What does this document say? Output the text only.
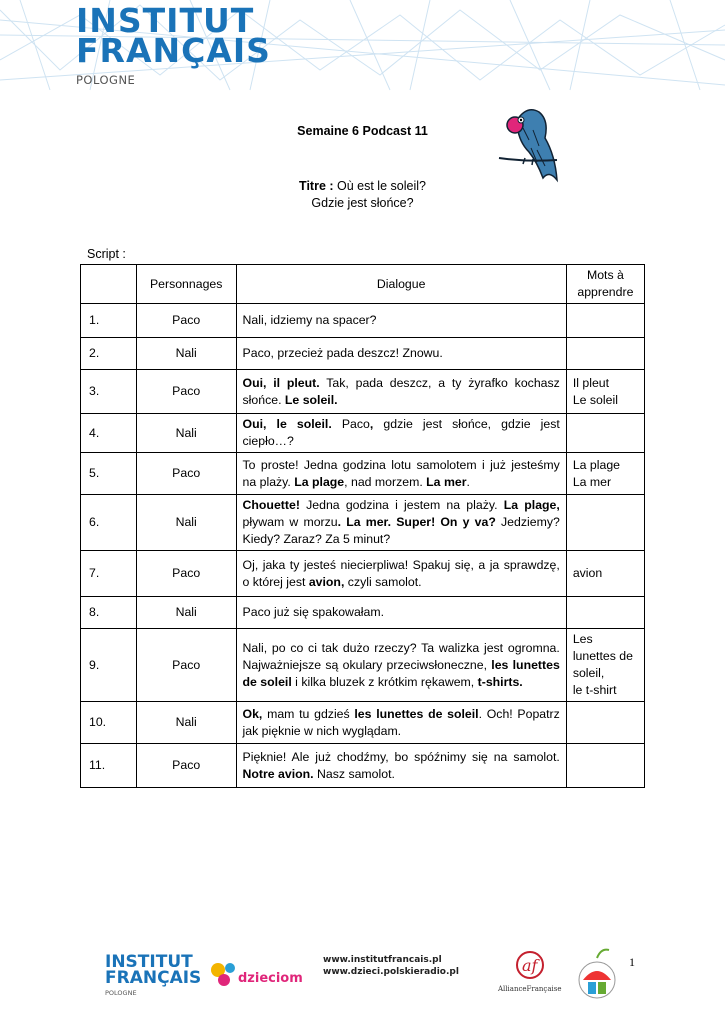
INSTITUT
FRANÇAIS
POLOGNE
Semaine 6 Podcast 11
Titre : Où est le soleil?
Gdzie jest słońce?
Script :
	Personnages	Dialogue	Mots à apprendre
1.	Paco	Nali, idziemy na spacer?	
2.	Nali	Paco, przecież pada deszcz! Znowu.	
3.	Paco	Oui, il pleut. Tak, pada deszcz, a ty żyrafko kochasz słońce. Le soleil.	Il pleut
Le soleil
4.	Nali	Oui, le soleil. Paco, gdzie jest słońce, gdzie jest ciepło…?	
5.	Paco	To proste! Jedna godzina lotu samolotem i już jesteśmy na plaży. La plage, nad morzem. La mer.	La plage
La mer
6.	Nali	Chouette! Jedna godzina i jestem na plaży. La plage, pływam w morzu. La mer. Super! On y va? Jedziemy? Kiedy? Zaraz? Za 5 minut?	
7.	Paco	Oj, jaka ty jesteś niecierpliwa! Spakuj się, a ja sprawdzę, o której jest avion, czyli samolot.	avion
8.	Nali	Paco już się spakowałam.	
9.	Paco	Nali, po co ci tak dużo rzeczy? Ta walizka jest ogromna. Najważniejsze są okulary przeciwsłoneczne, les lunettes de soleil i kilka bluzek z krótkim rękawem, t-shirts.	Les lunettes de soleil,
le t-shirt
10.	Nali	Ok, mam tu gdzieś les lunettes de soleil. Och! Popatrz jak pięknie w nich wyglądam.	
11.	Paco	Pięknie! Ale już chodźmy, bo spóźnimy się na samolot. Notre avion. Nasz samolot.	
INSTITUT
FRANÇAIS
POLOGNE
dzieciom
www.institutfrancais.pl
www.dzieci.polskieradio.pl	af
AllianceFrançaise
1
